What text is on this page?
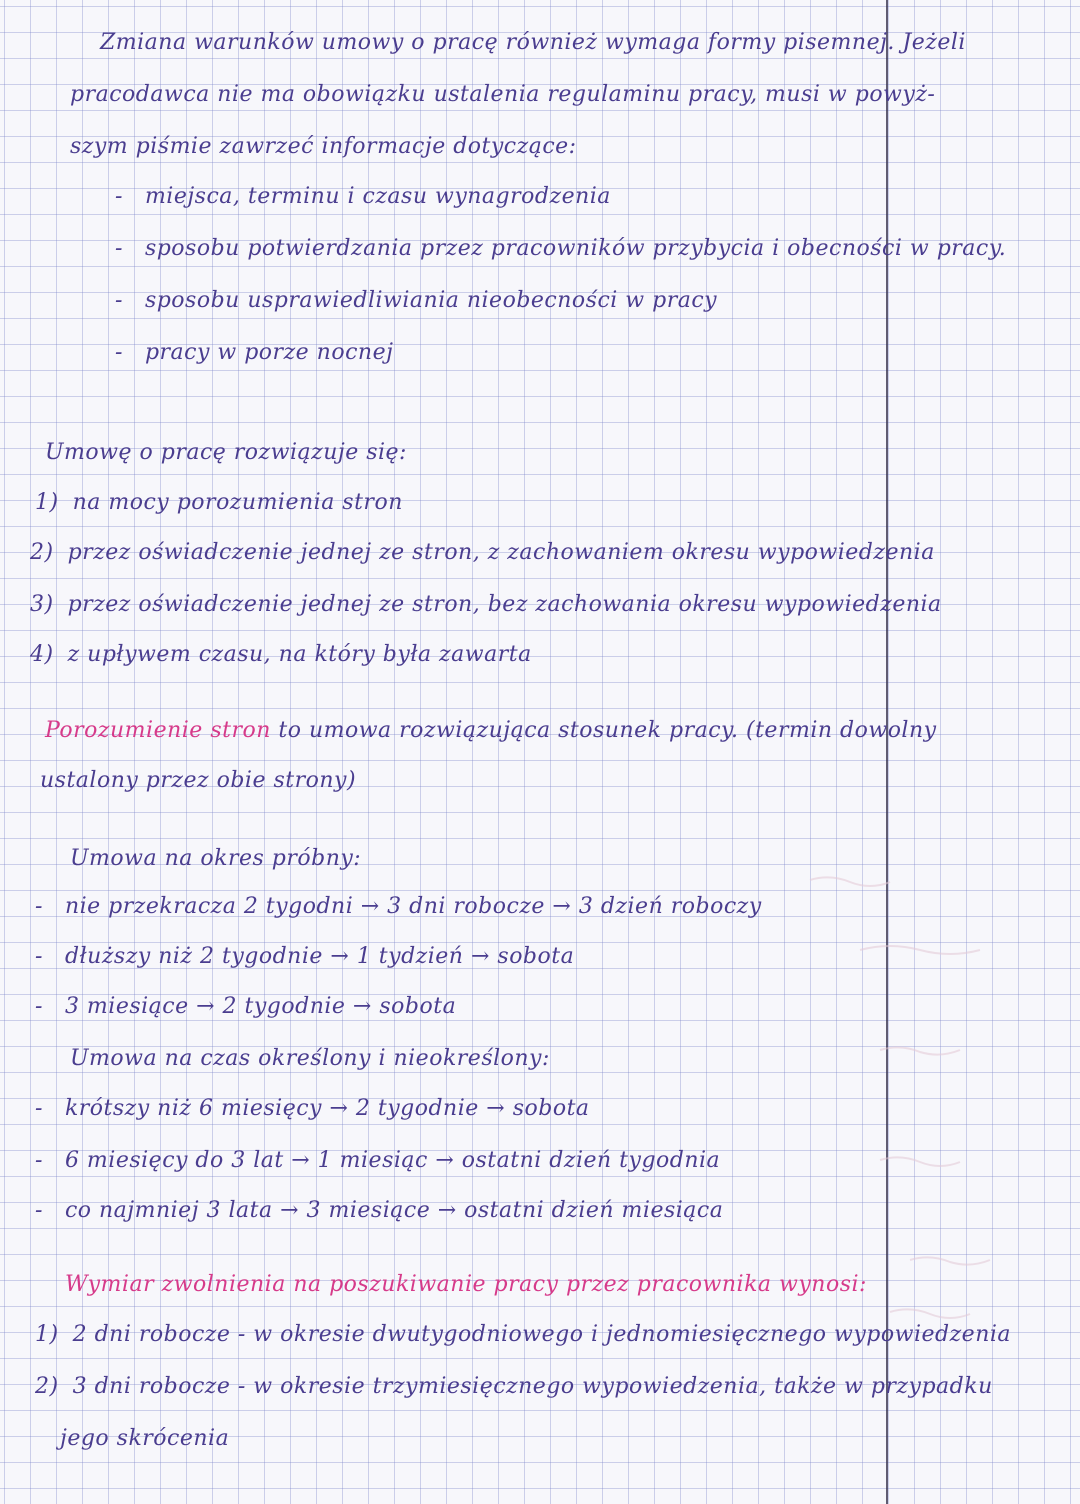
Zmiana warunków umowy o pracę również wymaga formy pisemnej. Jeżeli
pracodawca nie ma obowiązku ustalenia regulaminu pracy, musi w powyż-
szym piśmie zawrzeć informacje dotyczące:
- miejsca, terminu i czasu wynagrodzenia
- sposobu potwierdzania przez pracowników przybycia i obecności w pracy.
- sposobu usprawiedliwiania nieobecności w pracy
- pracy w porze nocnej
Umowę o pracę rozwiązuje się:
1) na mocy porozumienia stron
2) przez oświadczenie jednej ze stron, z zachowaniem okresu wypowiedzenia
3) przez oświadczenie jednej ze stron, bez zachowania okresu wypowiedzenia
4) z upływem czasu, na który była zawarta
Porozumienie stron to umowa rozwiązująca stosunek pracy. (termin dowolny
ustalony przez obie strony)
Umowa na okres próbny:
- nie przekracza 2 tygodni → 3 dni robocze → 3 dzień roboczy
- dłuższy niż 2 tygodnie → 1 tydzień → sobota
- 3 miesiące → 2 tygodnie → sobota
Umowa na czas określony i nieokreślony:
- krótszy niż 6 miesięcy → 2 tygodnie → sobota
- 6 miesięcy do 3 lat → 1 miesiąc → ostatni dzień tygodnia
- co najmniej 3 lata → 3 miesiące → ostatni dzień miesiąca
Wymiar zwolnienia na poszukiwanie pracy przez pracownika wynosi:
1) 2 dni robocze - w okresie dwutygodniowego i jednomiesięcznego wypowiedzenia
2) 3 dni robocze - w okresie trzymiesięcznego wypowiedzenia, także w przypadku
jego skrócenia
